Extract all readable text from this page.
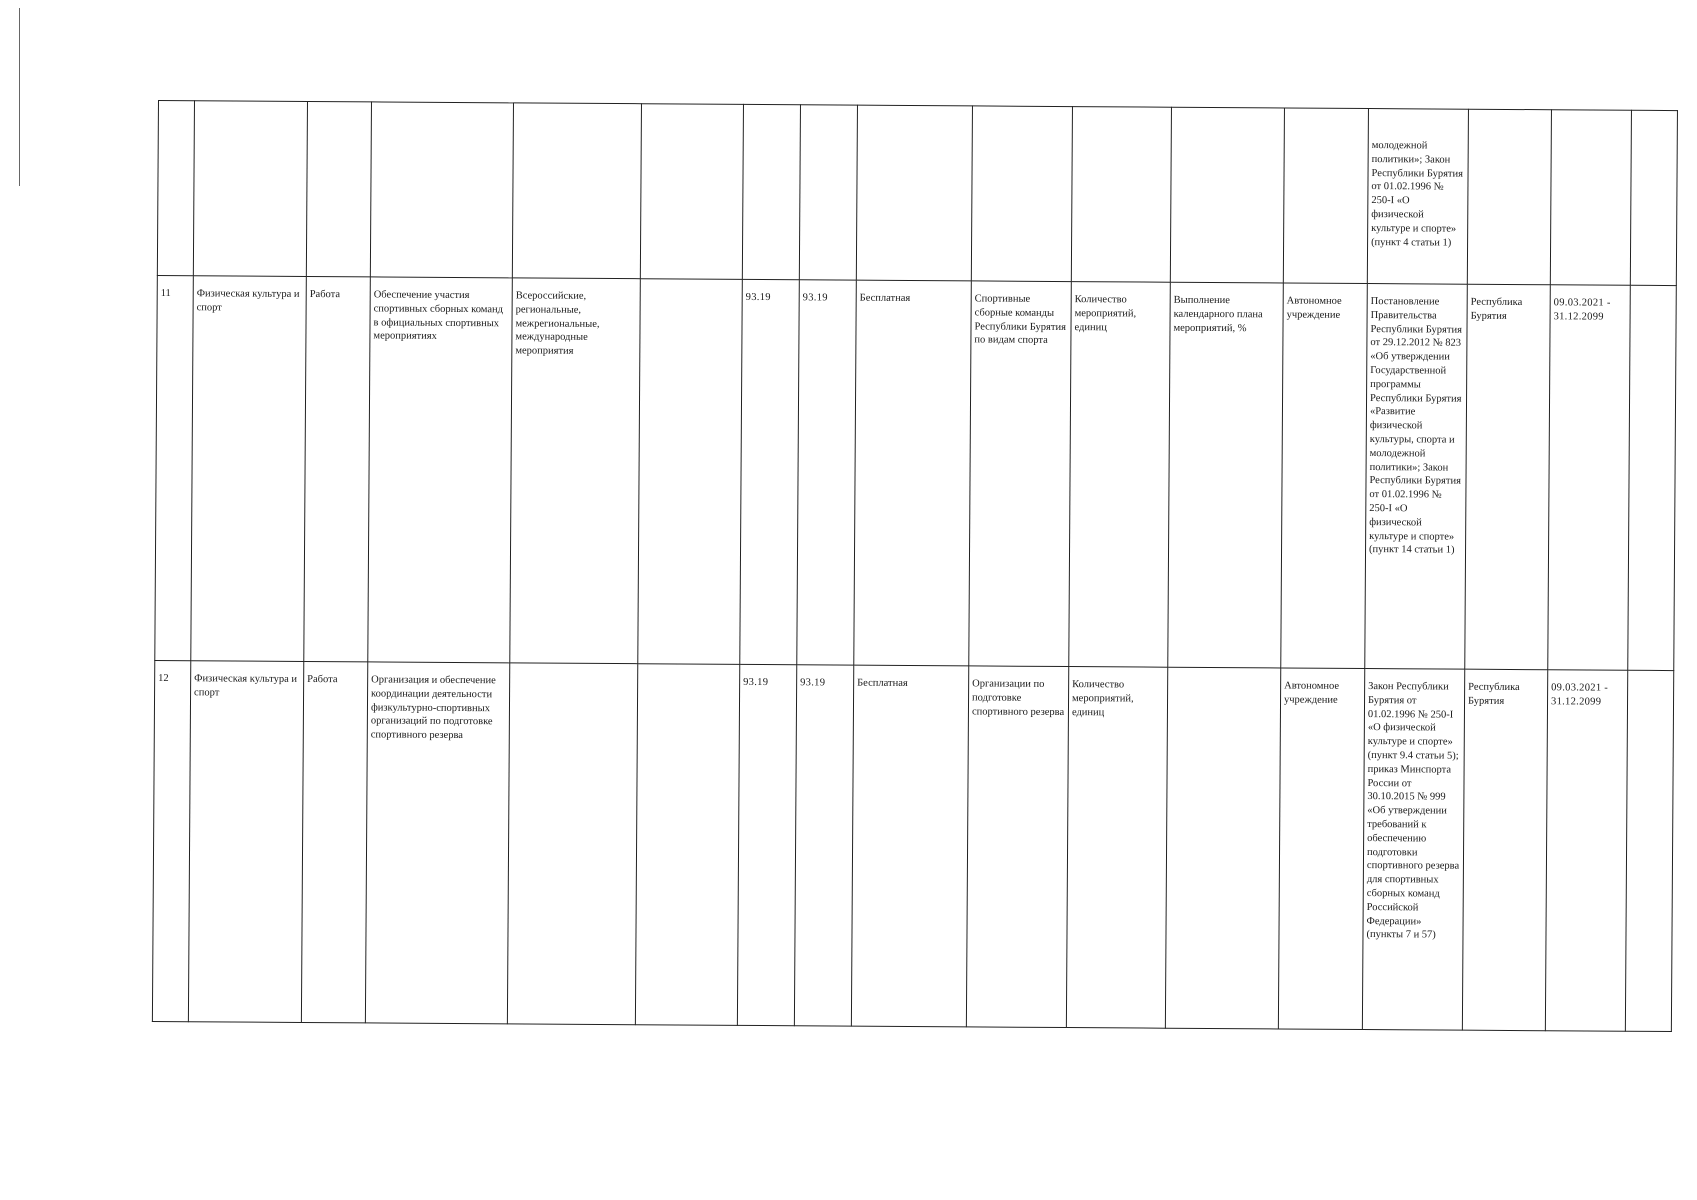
													молодежной политики»; Закон Республики Бурятия от 01.02.1996 № 250-I «О физической культуре и спорте» (пункт 4 статьи 1)			
11	Физическая культура и спорт	Работа	Обеспечение участия спортивных сборных команд в официальных спортивных мероприятиях	Всероссийские, региональные, межрегиональные, международные мероприятия		93.19	93.19	Бесплатная	Спортивные сборные команды Республики Бурятия по видам спорта	Количество мероприятий, единиц	Выполнение календарного плана мероприятий, %	Автономное учреждение	Постановление Правительства Республики Бурятия от 29.12.2012 № 823 «Об утверждении Государственной программы Республики Бурятия «Развитие физической культуры, спорта и молодежной политики»; Закон Республики Бурятия от 01.02.1996 № 250-I «О физической культуре и спорте» (пункт 14 статьи 1)	Республика Бурятия	09.03.2021 - 31.12.2099	
12	Физическая культура и спорт	Работа	Организация и обеспечение координации деятельности физкультурно-спортивных организаций по подготовке спортивного резерва			93.19	93.19	Бесплатная	Организации по подготовке спортивного резерва	Количество мероприятий, единиц		Автономное учреждение	Закон Республики Бурятия от 01.02.1996 № 250-I «О физической культуре и спорте» (пункт 9.4 статьи 5); приказ Минспорта России от 30.10.2015 № 999 «Об утверждении требований к обеспечению подготовки спортивного резерва для спортивных сборных команд Российской Федерации» (пункты 7 и 57)	Республика Бурятия	09.03.2021 - 31.12.2099	
